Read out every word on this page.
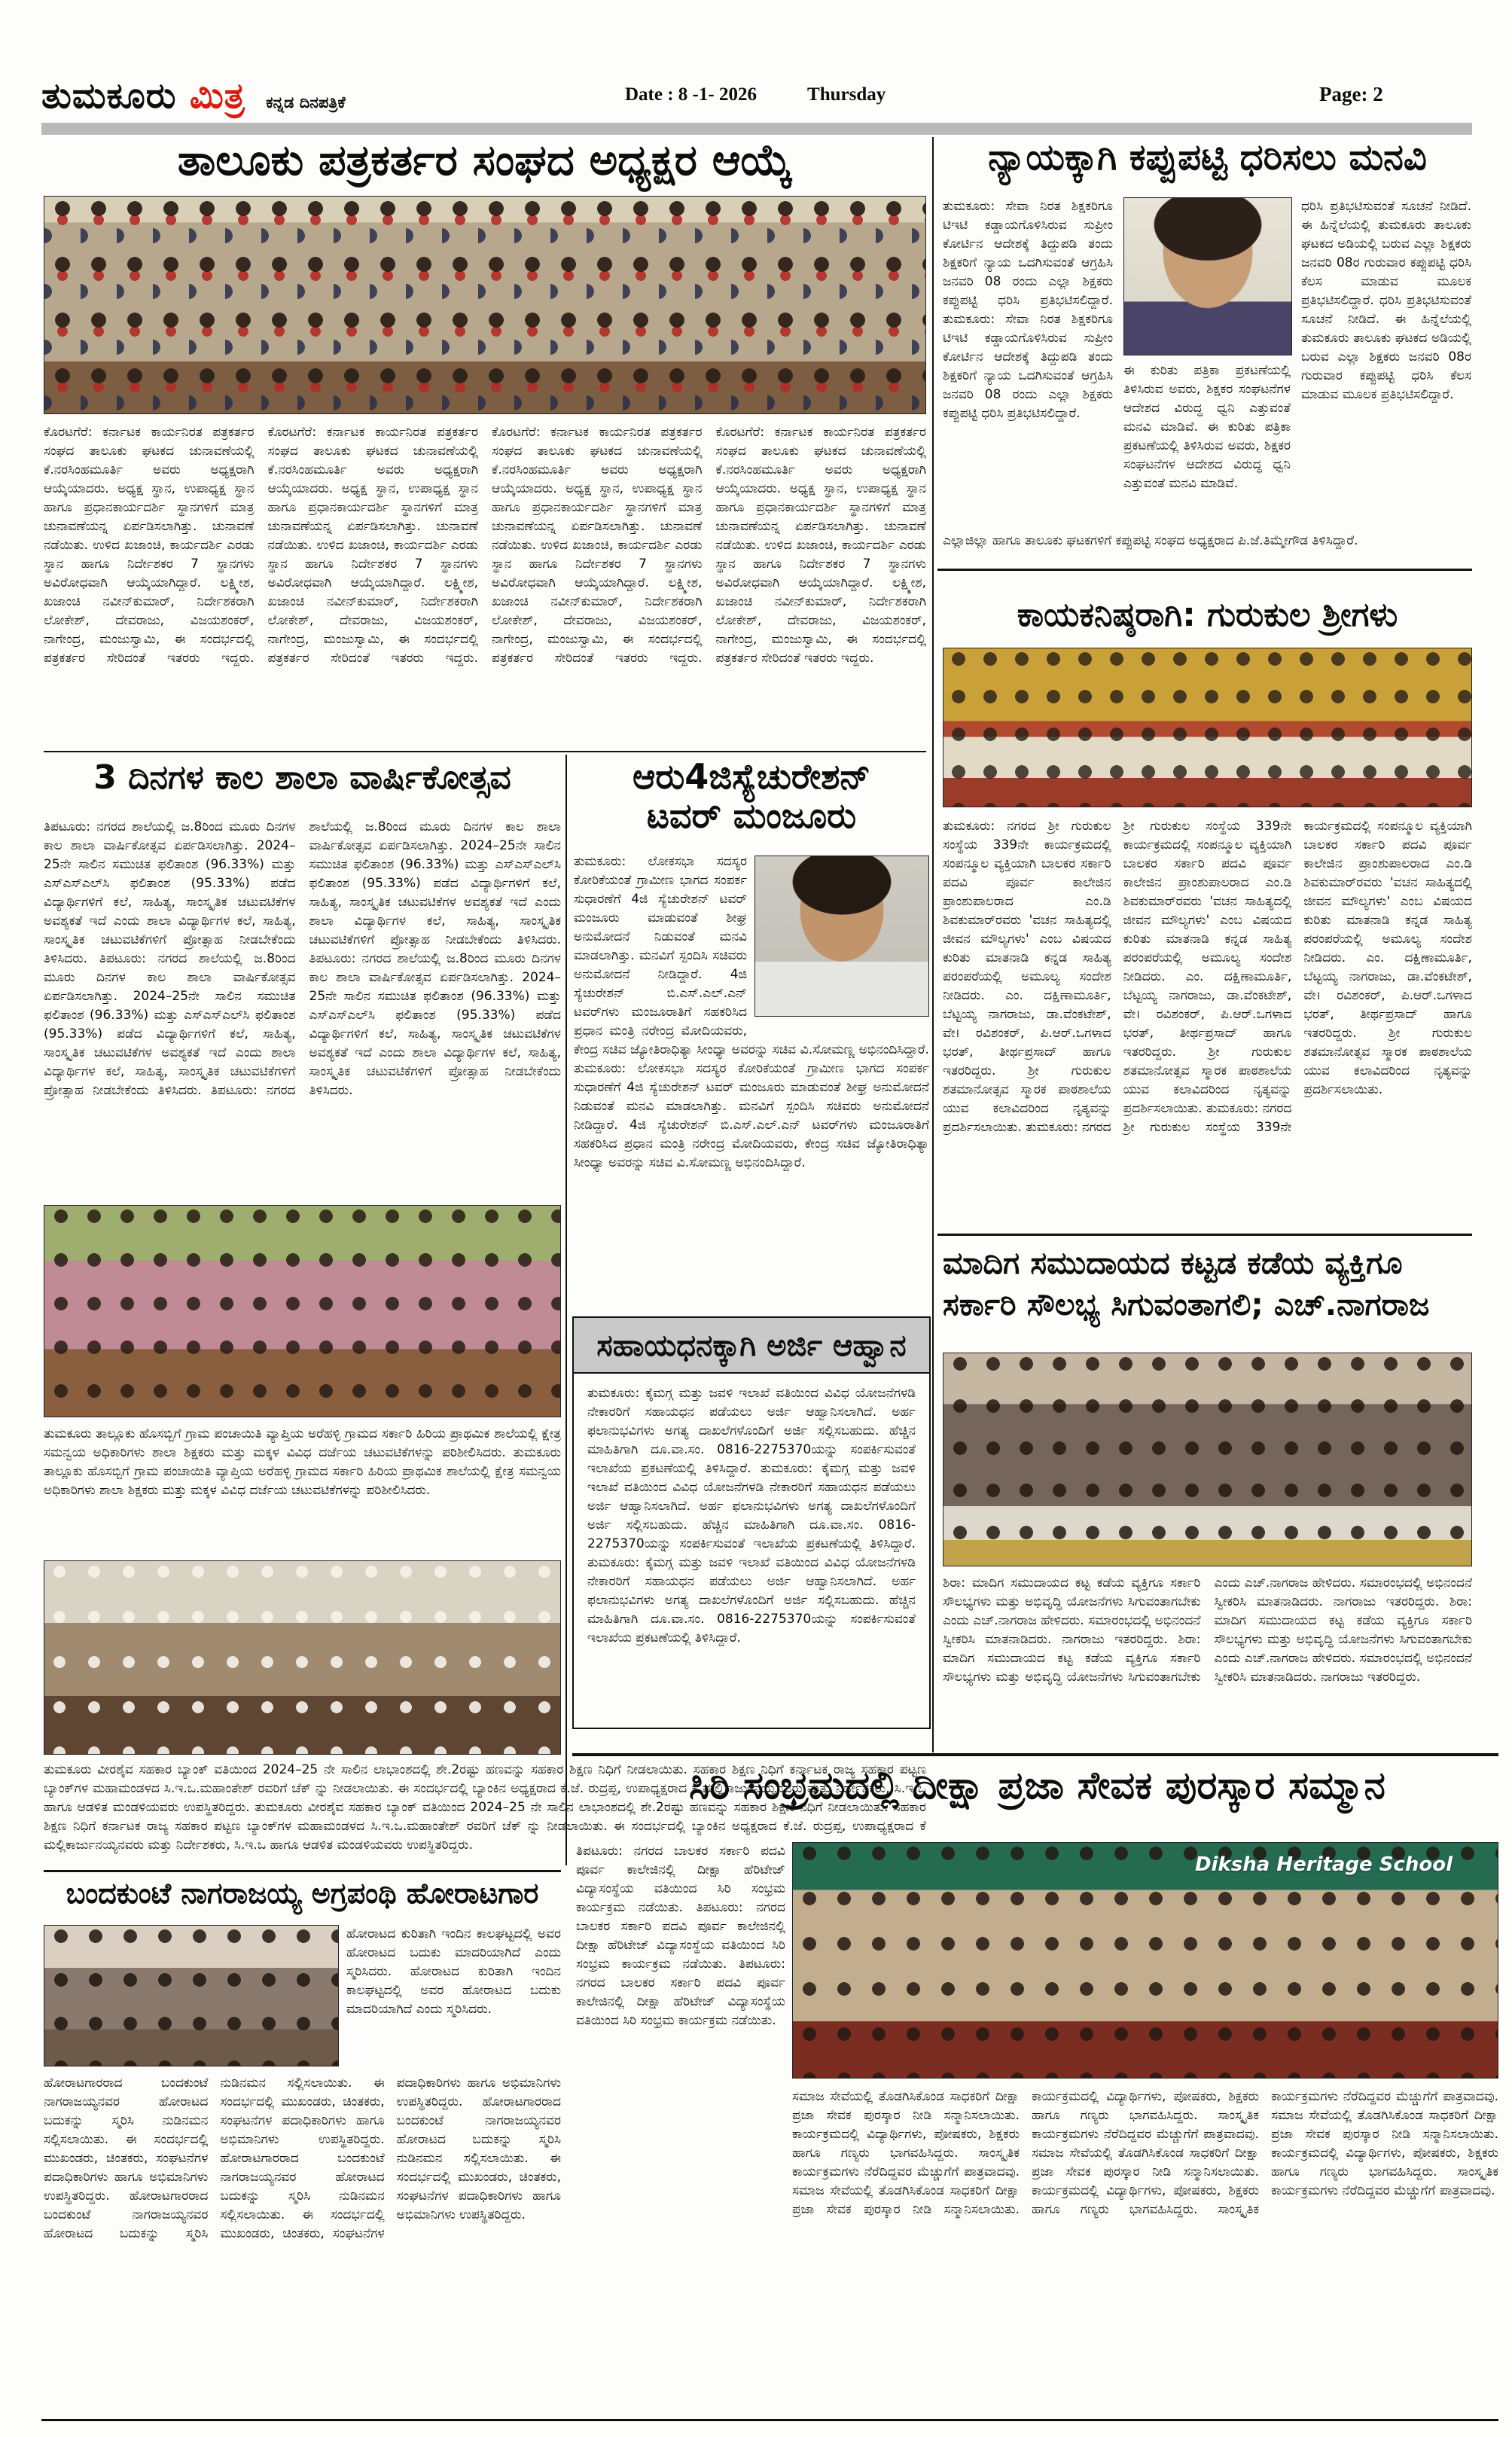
ತುಮಕೂರು ಮಿತ್ರ ಕನ್ನಡ ದಿನಪತ್ರಿಕೆ	Date : 8 -1- 2026	Thursday	Page: 2
ತಾಲೂಕು ಪತ್ರಕರ್ತರ ಸಂಘದ ಅಧ್ಯಕ್ಷರ ಆಯ್ಕೆ
ಕೊರಟಗೆರೆ: ಕರ್ನಾಟಕ ಕಾರ್ಯನಿರತ ಪತ್ರಕರ್ತರ ಸಂಘದ ತಾಲೂಕು ಘಟಕದ ಚುನಾವಣೆಯಲ್ಲಿ ಕೆ.ನರಸಿಂಹಮೂರ್ತಿ ಅವರು ಅಧ್ಯಕ್ಷರಾಗಿ ಆಯ್ಕೆಯಾದರು. ಅಧ್ಯಕ್ಷ ಸ್ಥಾನ, ಉಪಾಧ್ಯಕ್ಷ ಸ್ಥಾನ ಹಾಗೂ ಪ್ರಧಾನಕಾರ್ಯದರ್ಶಿ ಸ್ಥಾನಗಳಿಗೆ ಮಾತ್ರ ಚುನಾವಣೆಯನ್ನ ಏರ್ಪಡಿಸಲಾಗಿತ್ತು. ಚುನಾವಣೆ ನಡೆಯಿತು. ಉಳಿದ ಖಜಾಂಚಿ, ಕಾರ್ಯದರ್ಶಿ ಎರಡು ಸ್ಥಾನ ಹಾಗೂ ನಿರ್ದೇಶಕರ 7 ಸ್ಥಾನಗಳು ಅವಿರೋಧವಾಗಿ ಆಯ್ಕೆಯಾಗಿದ್ದಾರೆ. ಲಕ್ಷ್ಮೀಶ, ಖಜಾಂಚಿ ನವೀನ್‌ಕುಮಾರ್, ನಿರ್ದೇಶಕರಾಗಿ ಲೋಕೇಶ್, ದೇವರಾಜು, ವಿಜಯಶಂಕರ್, ನಾಗೇಂದ್ರ, ಮಂಜುಸ್ವಾಮಿ, ಈ ಸಂದರ್ಭದಲ್ಲಿ ಪತ್ರಕರ್ತರ ಸೇರಿದಂತೆ ಇತರರು ಇದ್ದರು. ಕೊರಟಗೆರೆ: ಕರ್ನಾಟಕ ಕಾರ್ಯನಿರತ ಪತ್ರಕರ್ತರ ಸಂಘದ ತಾಲೂಕು ಘಟಕದ ಚುನಾವಣೆಯಲ್ಲಿ ಕೆ.ನರಸಿಂಹಮೂರ್ತಿ ಅವರು ಅಧ್ಯಕ್ಷರಾಗಿ ಆಯ್ಕೆಯಾದರು. ಅಧ್ಯಕ್ಷ ಸ್ಥಾನ, ಉಪಾಧ್ಯಕ್ಷ ಸ್ಥಾನ ಹಾಗೂ ಪ್ರಧಾನಕಾರ್ಯದರ್ಶಿ ಸ್ಥಾನಗಳಿಗೆ ಮಾತ್ರ ಚುನಾವಣೆಯನ್ನ ಏರ್ಪಡಿಸಲಾಗಿತ್ತು. ಚುನಾವಣೆ ನಡೆಯಿತು. ಉಳಿದ ಖಜಾಂಚಿ, ಕಾರ್ಯದರ್ಶಿ ಎರಡು ಸ್ಥಾನ ಹಾಗೂ ನಿರ್ದೇಶಕರ 7 ಸ್ಥಾನಗಳು ಅವಿರೋಧವಾಗಿ ಆಯ್ಕೆಯಾಗಿದ್ದಾರೆ. ಲಕ್ಷ್ಮೀಶ, ಖಜಾಂಚಿ ನವೀನ್‌ಕುಮಾರ್, ನಿರ್ದೇಶಕರಾಗಿ ಲೋಕೇಶ್, ದೇವರಾಜು, ವಿಜಯಶಂಕರ್, ನಾಗೇಂದ್ರ, ಮಂಜುಸ್ವಾಮಿ, ಈ ಸಂದರ್ಭದಲ್ಲಿ ಪತ್ರಕರ್ತರ ಸೇರಿದಂತೆ ಇತರರು ಇದ್ದರು. ಕೊರಟಗೆರೆ: ಕರ್ನಾಟಕ ಕಾರ್ಯನಿರತ ಪತ್ರಕರ್ತರ ಸಂಘದ ತಾಲೂಕು ಘಟಕದ ಚುನಾವಣೆಯಲ್ಲಿ ಕೆ.ನರಸಿಂಹಮೂರ್ತಿ ಅವರು ಅಧ್ಯಕ್ಷರಾಗಿ ಆಯ್ಕೆಯಾದರು. ಅಧ್ಯಕ್ಷ ಸ್ಥಾನ, ಉಪಾಧ್ಯಕ್ಷ ಸ್ಥಾನ ಹಾಗೂ ಪ್ರಧಾನಕಾರ್ಯದರ್ಶಿ ಸ್ಥಾನಗಳಿಗೆ ಮಾತ್ರ ಚುನಾವಣೆಯನ್ನ ಏರ್ಪಡಿಸಲಾಗಿತ್ತು. ಚುನಾವಣೆ ನಡೆಯಿತು. ಉಳಿದ ಖಜಾಂಚಿ, ಕಾರ್ಯದರ್ಶಿ ಎರಡು ಸ್ಥಾನ ಹಾಗೂ ನಿರ್ದೇಶಕರ 7 ಸ್ಥಾನಗಳು ಅವಿರೋಧವಾಗಿ ಆಯ್ಕೆಯಾಗಿದ್ದಾರೆ. ಲಕ್ಷ್ಮೀಶ, ಖಜಾಂಚಿ ನವೀನ್‌ಕುಮಾರ್, ನಿರ್ದೇಶಕರಾಗಿ ಲೋಕೇಶ್, ದೇವರಾಜು, ವಿಜಯಶಂಕರ್, ನಾಗೇಂದ್ರ, ಮಂಜುಸ್ವಾಮಿ, ಈ ಸಂದರ್ಭದಲ್ಲಿ ಪತ್ರಕರ್ತರ ಸೇರಿದಂತೆ ಇತರರು ಇದ್ದರು. ಕೊರಟಗೆರೆ: ಕರ್ನಾಟಕ ಕಾರ್ಯನಿರತ ಪತ್ರಕರ್ತರ ಸಂಘದ ತಾಲೂಕು ಘಟಕದ ಚುನಾವಣೆಯಲ್ಲಿ ಕೆ.ನರಸಿಂಹಮೂರ್ತಿ ಅವರು ಅಧ್ಯಕ್ಷರಾಗಿ ಆಯ್ಕೆಯಾದರು. ಅಧ್ಯಕ್ಷ ಸ್ಥಾನ, ಉಪಾಧ್ಯಕ್ಷ ಸ್ಥಾನ ಹಾಗೂ ಪ್ರಧಾನಕಾರ್ಯದರ್ಶಿ ಸ್ಥಾನಗಳಿಗೆ ಮಾತ್ರ ಚುನಾವಣೆಯನ್ನ ಏರ್ಪಡಿಸಲಾಗಿತ್ತು. ಚುನಾವಣೆ ನಡೆಯಿತು. ಉಳಿದ ಖಜಾಂಚಿ, ಕಾರ್ಯದರ್ಶಿ ಎರಡು ಸ್ಥಾನ ಹಾಗೂ ನಿರ್ದೇಶಕರ 7 ಸ್ಥಾನಗಳು ಅವಿರೋಧವಾಗಿ ಆಯ್ಕೆಯಾಗಿದ್ದಾರೆ. ಲಕ್ಷ್ಮೀಶ, ಖಜಾಂಚಿ ನವೀನ್‌ಕುಮಾರ್, ನಿರ್ದೇಶಕರಾಗಿ ಲೋಕೇಶ್, ದೇವರಾಜು, ವಿಜಯಶಂಕರ್, ನಾಗೇಂದ್ರ, ಮಂಜುಸ್ವಾಮಿ, ಈ ಸಂದರ್ಭದಲ್ಲಿ ಪತ್ರಕರ್ತರ ಸೇರಿದಂತೆ ಇತರರು ಇದ್ದರು.
ನ್ಯಾಯಕ್ಕಾಗಿ ಕಪ್ಪುಪಟ್ಟಿ ಧರಿಸಲು ಮನವಿ
ತುಮಕೂರು: ಸೇವಾ ನಿರತ ಶಿಕ್ಷಕರಿಗೂ ಟಿಇಟಿ ಕಡ್ಡಾಯಗೊಳಿಸಿರುವ ಸುಪ್ರೀಂ ಕೋರ್ಟಿನ ಆದೇಶಕ್ಕೆ ತಿದ್ದುಪಡಿ ತಂದು ಶಿಕ್ಷಕರಿಗೆ ನ್ಯಾಯ ಒದಗಿಸುವಂತೆ ಆಗ್ರಹಿಸಿ ಜನವರಿ 08 ರಂದು ಎಲ್ಲಾ ಶಿಕ್ಷಕರು ಕಪ್ಪುಪಟ್ಟಿ ಧರಿಸಿ ಪ್ರತಿಭಟಿಸಲಿದ್ದಾರೆ. ತುಮಕೂರು: ಸೇವಾ ನಿರತ ಶಿಕ್ಷಕರಿಗೂ ಟಿಇಟಿ ಕಡ್ಡಾಯಗೊಳಿಸಿರುವ ಸುಪ್ರೀಂ ಕೋರ್ಟಿನ ಆದೇಶಕ್ಕೆ ತಿದ್ದುಪಡಿ ತಂದು ಶಿಕ್ಷಕರಿಗೆ ನ್ಯಾಯ ಒದಗಿಸುವಂತೆ ಆಗ್ರಹಿಸಿ ಜನವರಿ 08 ರಂದು ಎಲ್ಲಾ ಶಿಕ್ಷಕರು ಕಪ್ಪುಪಟ್ಟಿ ಧರಿಸಿ ಪ್ರತಿಭಟಿಸಲಿದ್ದಾರೆ.
ಈ ಕುರಿತು ಪತ್ರಿಕಾ ಪ್ರಕಟಣೆಯಲ್ಲಿ ತಿಳಿಸಿರುವ ಅವರು, ಶಿಕ್ಷಕರ ಸಂಘಟನೆಗಳ ಆದೇಶದ ವಿರುದ್ಧ ಧ್ವನಿ ಎತ್ತುವಂತೆ ಮನವಿ ಮಾಡಿವೆ. ಈ ಕುರಿತು ಪತ್ರಿಕಾ ಪ್ರಕಟಣೆಯಲ್ಲಿ ತಿಳಿಸಿರುವ ಅವರು, ಶಿಕ್ಷಕರ ಸಂಘಟನೆಗಳ ಆದೇಶದ ವಿರುದ್ಧ ಧ್ವನಿ ಎತ್ತುವಂತೆ ಮನವಿ ಮಾಡಿವೆ.
ಧರಿಸಿ ಪ್ರತಿಭಟಿಸುವಂತೆ ಸೂಚನೆ ನೀಡಿದೆ. ಈ ಹಿನ್ನೆಲೆಯಲ್ಲಿ ತುಮಕೂರು ತಾಲೂಕು ಘಟಕದ ಅಡಿಯಲ್ಲಿ ಬರುವ ಎಲ್ಲಾ ಶಿಕ್ಷಕರು ಜನವರಿ 08ರ ಗುರುವಾರ ಕಪ್ಪುಪಟ್ಟಿ ಧರಿಸಿ ಕೆಲಸ ಮಾಡುವ ಮೂಲಕ ಪ್ರತಿಭಟಿಸಲಿದ್ದಾರೆ. ಧರಿಸಿ ಪ್ರತಿಭಟಿಸುವಂತೆ ಸೂಚನೆ ನೀಡಿದೆ. ಈ ಹಿನ್ನೆಲೆಯಲ್ಲಿ ತುಮಕೂರು ತಾಲೂಕು ಘಟಕದ ಅಡಿಯಲ್ಲಿ ಬರುವ ಎಲ್ಲಾ ಶಿಕ್ಷಕರು ಜನವರಿ 08ರ ಗುರುವಾರ ಕಪ್ಪುಪಟ್ಟಿ ಧರಿಸಿ ಕೆಲಸ ಮಾಡುವ ಮೂಲಕ ಪ್ರತಿಭಟಿಸಲಿದ್ದಾರೆ.
ಎಲ್ಲಾಜಿಲ್ಲಾ ಹಾಗೂ ತಾಲೂಕು ಘಟಕಗಳಿಗೆ ಕಪ್ಪುಪಟ್ಟಿ ಸಂಘದ ಅಧ್ಯಕ್ಷರಾದ ಪಿ.ಜೆ.ತಿಮ್ಮೇಗೌಡ ತಿಳಿಸಿದ್ದಾರೆ.
ಕಾಯಕನಿಷ್ಠರಾಗಿ: ಗುರುಕುಲ ಶ್ರೀಗಳು
ತುಮಕೂರು: ನಗರದ ಶ್ರೀ ಗುರುಕುಲ ಸಂಸ್ಥೆಯ 339ನೇ ಕಾರ್ಯಕ್ರಮದಲ್ಲಿ ಸಂಪನ್ಮೂಲ ವ್ಯಕ್ತಿಯಾಗಿ ಬಾಲಕರ ಸರ್ಕಾರಿ ಪದವಿ ಪೂರ್ವ ಕಾಲೇಜಿನ ಪ್ರಾಂಶುಪಾಲರಾದ ಎಂ.ಡಿ ಶಿವಕುಮಾರ್‌ರವರು 'ವಚನ ಸಾಹಿತ್ಯದಲ್ಲಿ ಜೀವನ ಮೌಲ್ಯಗಳು' ಎಂಬ ವಿಷಯದ ಕುರಿತು ಮಾತನಾಡಿ ಕನ್ನಡ ಸಾಹಿತ್ಯ ಪರಂಪರೆಯಲ್ಲಿ ಅಮೂಲ್ಯ ಸಂದೇಶ ನೀಡಿದರು. ಎಂ. ದಕ್ಷಿಣಾಮೂರ್ತಿ, ಬೆಟ್ಟಯ್ಯ ನಾಗರಾಜು, ಡಾ.ವೆಂಕಟೇಶ್, ವೇ। ರವಿಶಂಕರ್, ಪಿ.ಆರ್.ಒಗಳಾದ ಭರತ್, ತೀರ್ಥಪ್ರಸಾದ್ ಹಾಗೂ ಇತರರಿದ್ದರು. ಶ್ರೀ ಗುರುಕುಲ ಶತಮಾನೋತ್ಸವ ಸ್ಮಾರಕ ಪಾಠಶಾಲೆಯ ಯುವ ಕಲಾವಿದರಿಂದ ನೃತ್ಯವನ್ನು ಪ್ರದರ್ಶಿಸಲಾಯಿತು. ತುಮಕೂರು: ನಗರದ ಶ್ರೀ ಗುರುಕುಲ ಸಂಸ್ಥೆಯ 339ನೇ ಕಾರ್ಯಕ್ರಮದಲ್ಲಿ ಸಂಪನ್ಮೂಲ ವ್ಯಕ್ತಿಯಾಗಿ ಬಾಲಕರ ಸರ್ಕಾರಿ ಪದವಿ ಪೂರ್ವ ಕಾಲೇಜಿನ ಪ್ರಾಂಶುಪಾಲರಾದ ಎಂ.ಡಿ ಶಿವಕುಮಾರ್‌ರವರು 'ವಚನ ಸಾಹಿತ್ಯದಲ್ಲಿ ಜೀವನ ಮೌಲ್ಯಗಳು' ಎಂಬ ವಿಷಯದ ಕುರಿತು ಮಾತನಾಡಿ ಕನ್ನಡ ಸಾಹಿತ್ಯ ಪರಂಪರೆಯಲ್ಲಿ ಅಮೂಲ್ಯ ಸಂದೇಶ ನೀಡಿದರು. ಎಂ. ದಕ್ಷಿಣಾಮೂರ್ತಿ, ಬೆಟ್ಟಯ್ಯ ನಾಗರಾಜು, ಡಾ.ವೆಂಕಟೇಶ್, ವೇ। ರವಿಶಂಕರ್, ಪಿ.ಆರ್.ಒಗಳಾದ ಭರತ್, ತೀರ್ಥಪ್ರಸಾದ್ ಹಾಗೂ ಇತರರಿದ್ದರು. ಶ್ರೀ ಗುರುಕುಲ ಶತಮಾನೋತ್ಸವ ಸ್ಮಾರಕ ಪಾಠಶಾಲೆಯ ಯುವ ಕಲಾವಿದರಿಂದ ನೃತ್ಯವನ್ನು ಪ್ರದರ್ಶಿಸಲಾಯಿತು. ತುಮಕೂರು: ನಗರದ ಶ್ರೀ ಗುರುಕುಲ ಸಂಸ್ಥೆಯ 339ನೇ ಕಾರ್ಯಕ್ರಮದಲ್ಲಿ ಸಂಪನ್ಮೂಲ ವ್ಯಕ್ತಿಯಾಗಿ ಬಾಲಕರ ಸರ್ಕಾರಿ ಪದವಿ ಪೂರ್ವ ಕಾಲೇಜಿನ ಪ್ರಾಂಶುಪಾಲರಾದ ಎಂ.ಡಿ ಶಿವಕುಮಾರ್‌ರವರು 'ವಚನ ಸಾಹಿತ್ಯದಲ್ಲಿ ಜೀವನ ಮೌಲ್ಯಗಳು' ಎಂಬ ವಿಷಯದ ಕುರಿತು ಮಾತನಾಡಿ ಕನ್ನಡ ಸಾಹಿತ್ಯ ಪರಂಪರೆಯಲ್ಲಿ ಅಮೂಲ್ಯ ಸಂದೇಶ ನೀಡಿದರು. ಎಂ. ದಕ್ಷಿಣಾಮೂರ್ತಿ, ಬೆಟ್ಟಯ್ಯ ನಾಗರಾಜು, ಡಾ.ವೆಂಕಟೇಶ್, ವೇ। ರವಿಶಂಕರ್, ಪಿ.ಆರ್.ಒಗಳಾದ ಭರತ್, ತೀರ್ಥಪ್ರಸಾದ್ ಹಾಗೂ ಇತರರಿದ್ದರು. ಶ್ರೀ ಗುರುಕುಲ ಶತಮಾನೋತ್ಸವ ಸ್ಮಾರಕ ಪಾಠಶಾಲೆಯ ಯುವ ಕಲಾವಿದರಿಂದ ನೃತ್ಯವನ್ನು ಪ್ರದರ್ಶಿಸಲಾಯಿತು.
ಮಾದಿಗ ಸಮುದಾಯದ ಕಟ್ಟಡ ಕಡೆಯ ವ್ಯಕ್ತಿಗೂ ಸರ್ಕಾರಿ ಸೌಲಭ್ಯ ಸಿಗುವಂತಾಗಲಿ; ಎಚ್.ನಾಗರಾಜ
ಶಿರಾ: ಮಾದಿಗ ಸಮುದಾಯದ ಕಟ್ಟ ಕಡೆಯ ವ್ಯಕ್ತಿಗೂ ಸರ್ಕಾರಿ ಸೌಲಭ್ಯಗಳು ಮತ್ತು ಅಭಿವೃದ್ಧಿ ಯೋಜನೆಗಳು ಸಿಗುವಂತಾಗಬೇಕು ಎಂದು ಎಚ್.ನಾಗರಾಜ ಹೇಳಿದರು. ಸಮಾರಂಭದಲ್ಲಿ ಅಭಿನಂದನೆ ಸ್ವೀಕರಿಸಿ ಮಾತನಾಡಿದರು. ನಾಗರಾಜು ಇತರರಿದ್ದರು. ಶಿರಾ: ಮಾದಿಗ ಸಮುದಾಯದ ಕಟ್ಟ ಕಡೆಯ ವ್ಯಕ್ತಿಗೂ ಸರ್ಕಾರಿ ಸೌಲಭ್ಯಗಳು ಮತ್ತು ಅಭಿವೃದ್ಧಿ ಯೋಜನೆಗಳು ಸಿಗುವಂತಾಗಬೇಕು ಎಂದು ಎಚ್.ನಾಗರಾಜ ಹೇಳಿದರು. ಸಮಾರಂಭದಲ್ಲಿ ಅಭಿನಂದನೆ ಸ್ವೀಕರಿಸಿ ಮಾತನಾಡಿದರು. ನಾಗರಾಜು ಇತರರಿದ್ದರು. ಶಿರಾ: ಮಾದಿಗ ಸಮುದಾಯದ ಕಟ್ಟ ಕಡೆಯ ವ್ಯಕ್ತಿಗೂ ಸರ್ಕಾರಿ ಸೌಲಭ್ಯಗಳು ಮತ್ತು ಅಭಿವೃದ್ಧಿ ಯೋಜನೆಗಳು ಸಿಗುವಂತಾಗಬೇಕು ಎಂದು ಎಚ್.ನಾಗರಾಜ ಹೇಳಿದರು. ಸಮಾರಂಭದಲ್ಲಿ ಅಭಿನಂದನೆ ಸ್ವೀಕರಿಸಿ ಮಾತನಾಡಿದರು. ನಾಗರಾಜು ಇತರರಿದ್ದರು.
3 ದಿನಗಳ ಕಾಲ ಶಾಲಾ ವಾರ್ಷಿಕೋತ್ಸವ
ತಿಪಟೂರು: ನಗರದ ಶಾಲೆಯಲ್ಲಿ ಜ.8ರಿಂದ ಮೂರು ದಿನಗಳ ಕಾಲ ಶಾಲಾ ವಾರ್ಷಿಕೋತ್ಸವ ಏರ್ಪಡಿಸಲಾಗಿತ್ತು. 2024–25ನೇ ಸಾಲಿನ ಸಮುಚಿತ ಫಲಿತಾಂಶ (96.33%) ಮತ್ತು ಎಸ್‌ಎಸ್‌ಎಲ್‌ಸಿ ಫಲಿತಾಂಶ (95.33%) ಪಡೆದ ವಿದ್ಯಾರ್ಥಿಗಳಿಗೆ ಕಲೆ, ಸಾಹಿತ್ಯ, ಸಾಂಸ್ಕೃತಿಕ ಚಟುವಟಿಕೆಗಳ ಅವಶ್ಯಕತೆ ಇದೆ ಎಂದು ಶಾಲಾ ವಿದ್ಯಾರ್ಥಿಗಳ ಕಲೆ, ಸಾಹಿತ್ಯ, ಸಾಂಸ್ಕೃತಿಕ ಚಟುವಟಿಕೆಗಳಿಗೆ ಪ್ರೋತ್ಸಾಹ ನೀಡಬೇಕೆಂದು ತಿಳಿಸಿದರು. ತಿಪಟೂರು: ನಗರದ ಶಾಲೆಯಲ್ಲಿ ಜ.8ರಿಂದ ಮೂರು ದಿನಗಳ ಕಾಲ ಶಾಲಾ ವಾರ್ಷಿಕೋತ್ಸವ ಏರ್ಪಡಿಸಲಾಗಿತ್ತು. 2024–25ನೇ ಸಾಲಿನ ಸಮುಚಿತ ಫಲಿತಾಂಶ (96.33%) ಮತ್ತು ಎಸ್‌ಎಸ್‌ಎಲ್‌ಸಿ ಫಲಿತಾಂಶ (95.33%) ಪಡೆದ ವಿದ್ಯಾರ್ಥಿಗಳಿಗೆ ಕಲೆ, ಸಾಹಿತ್ಯ, ಸಾಂಸ್ಕೃತಿಕ ಚಟುವಟಿಕೆಗಳ ಅವಶ್ಯಕತೆ ಇದೆ ಎಂದು ಶಾಲಾ ವಿದ್ಯಾರ್ಥಿಗಳ ಕಲೆ, ಸಾಹಿತ್ಯ, ಸಾಂಸ್ಕೃತಿಕ ಚಟುವಟಿಕೆಗಳಿಗೆ ಪ್ರೋತ್ಸಾಹ ನೀಡಬೇಕೆಂದು ತಿಳಿಸಿದರು. ತಿಪಟೂರು: ನಗರದ ಶಾಲೆಯಲ್ಲಿ ಜ.8ರಿಂದ ಮೂರು ದಿನಗಳ ಕಾಲ ಶಾಲಾ ವಾರ್ಷಿಕೋತ್ಸವ ಏರ್ಪಡಿಸಲಾಗಿತ್ತು. 2024–25ನೇ ಸಾಲಿನ ಸಮುಚಿತ ಫಲಿತಾಂಶ (96.33%) ಮತ್ತು ಎಸ್‌ಎಸ್‌ಎಲ್‌ಸಿ ಫಲಿತಾಂಶ (95.33%) ಪಡೆದ ವಿದ್ಯಾರ್ಥಿಗಳಿಗೆ ಕಲೆ, ಸಾಹಿತ್ಯ, ಸಾಂಸ್ಕೃತಿಕ ಚಟುವಟಿಕೆಗಳ ಅವಶ್ಯಕತೆ ಇದೆ ಎಂದು ಶಾಲಾ ವಿದ್ಯಾರ್ಥಿಗಳ ಕಲೆ, ಸಾಹಿತ್ಯ, ಸಾಂಸ್ಕೃತಿಕ ಚಟುವಟಿಕೆಗಳಿಗೆ ಪ್ರೋತ್ಸಾಹ ನೀಡಬೇಕೆಂದು ತಿಳಿಸಿದರು. ತಿಪಟೂರು: ನಗರದ ಶಾಲೆಯಲ್ಲಿ ಜ.8ರಿಂದ ಮೂರು ದಿನಗಳ ಕಾಲ ಶಾಲಾ ವಾರ್ಷಿಕೋತ್ಸವ ಏರ್ಪಡಿಸಲಾಗಿತ್ತು. 2024–25ನೇ ಸಾಲಿನ ಸಮುಚಿತ ಫಲಿತಾಂಶ (96.33%) ಮತ್ತು ಎಸ್‌ಎಸ್‌ಎಲ್‌ಸಿ ಫಲಿತಾಂಶ (95.33%) ಪಡೆದ ವಿದ್ಯಾರ್ಥಿಗಳಿಗೆ ಕಲೆ, ಸಾಹಿತ್ಯ, ಸಾಂಸ್ಕೃತಿಕ ಚಟುವಟಿಕೆಗಳ ಅವಶ್ಯಕತೆ ಇದೆ ಎಂದು ಶಾಲಾ ವಿದ್ಯಾರ್ಥಿಗಳ ಕಲೆ, ಸಾಹಿತ್ಯ, ಸಾಂಸ್ಕೃತಿಕ ಚಟುವಟಿಕೆಗಳಿಗೆ ಪ್ರೋತ್ಸಾಹ ನೀಡಬೇಕೆಂದು ತಿಳಿಸಿದರು.
ತುಮಕೂರು ತಾಲ್ಲೂಕು ಹೊಸಬ್ಬಿಗೆ ಗ್ರಾಮ ಪಂಚಾಯಿತಿ ವ್ಯಾಪ್ತಿಯ ಅರೆಹಳ್ಳಿ ಗ್ರಾಮದ ಸರ್ಕಾರಿ ಹಿರಿಯ ಪ್ರಾಥಮಿಕ ಶಾಲೆಯಲ್ಲಿ ಕ್ಷೇತ್ರ ಸಮನ್ವಯ ಅಧಿಕಾರಿಗಳು ಶಾಲಾ ಶಿಕ್ಷಕರು ಮತ್ತು ಮಕ್ಕಳ ವಿವಿಧ ದರ್ಜೆಯ ಚಟುವಟಿಕೆಗಳನ್ನು ಪರಿಶೀಲಿಸಿದರು. ತುಮಕೂರು ತಾಲ್ಲೂಕು ಹೊಸಬ್ಬಿಗೆ ಗ್ರಾಮ ಪಂಚಾಯಿತಿ ವ್ಯಾಪ್ತಿಯ ಅರೆಹಳ್ಳಿ ಗ್ರಾಮದ ಸರ್ಕಾರಿ ಹಿರಿಯ ಪ್ರಾಥಮಿಕ ಶಾಲೆಯಲ್ಲಿ ಕ್ಷೇತ್ರ ಸಮನ್ವಯ ಅಧಿಕಾರಿಗಳು ಶಾಲಾ ಶಿಕ್ಷಕರು ಮತ್ತು ಮಕ್ಕಳ ವಿವಿಧ ದರ್ಜೆಯ ಚಟುವಟಿಕೆಗಳನ್ನು ಪರಿಶೀಲಿಸಿದರು.
ತುಮಕೂರು ವೀರಶೈವ ಸಹಕಾರ ಬ್ಯಾಂಕ್ ವತಿಯಿಂದ 2024–25 ನೇ ಸಾಲಿನ ಲಾಭಾಂಶದಲ್ಲಿ ಶೇ.2ರಷ್ಟು ಹಣವನ್ನು ಸಹಕಾರ ಶಿಕ್ಷಣ ನಿಧಿಗೆ ನೀಡಲಾಯಿತು. ಸಹಕಾರ ಶಿಕ್ಷಣ ನಿಧಿಗೆ ಕರ್ನಾಟಕ ರಾಜ್ಯ ಸಹಕಾರ ಪಟ್ಟಣ ಬ್ಯಾಂಕ್‌ಗಳ ಮಹಾಮಂಡಳದ ಸಿ.ಇ.ಒ.ಮಹಾಂತೇಶ್ ರವರಿಗೆ ಚೆಕ್ ನ್ನು ನೀಡಲಾಯಿತು. ಈ ಸಂದರ್ಭದಲ್ಲಿ ಬ್ಯಾಂಕಿನ ಅಧ್ಯಕ್ಷರಾದ ಕೆ.ಜೆ. ರುದ್ರಪ್ಪ, ಉಪಾಧ್ಯಕ್ಷರಾದ ಕೆ ಮಲ್ಲಿಕಾರ್ಜುನಯ್ಯನವರು ಮತ್ತು ನಿರ್ದೇಶಕರು, ಸಿ.ಇ.ಒ ಹಾಗೂ ಆಡಳಿತ ಮಂಡಳಿಯವರು ಉಪಸ್ಥಿತರಿದ್ದರು. ತುಮಕೂರು ವೀರಶೈವ ಸಹಕಾರ ಬ್ಯಾಂಕ್ ವತಿಯಿಂದ 2024–25 ನೇ ಸಾಲಿನ ಲಾಭಾಂಶದಲ್ಲಿ ಶೇ.2ರಷ್ಟು ಹಣವನ್ನು ಸಹಕಾರ ಶಿಕ್ಷಣ ನಿಧಿಗೆ ನೀಡಲಾಯಿತು. ಸಹಕಾರ ಶಿಕ್ಷಣ ನಿಧಿಗೆ ಕರ್ನಾಟಕ ರಾಜ್ಯ ಸಹಕಾರ ಪಟ್ಟಣ ಬ್ಯಾಂಕ್‌ಗಳ ಮಹಾಮಂಡಳದ ಸಿ.ಇ.ಒ.ಮಹಾಂತೇಶ್ ರವರಿಗೆ ಚೆಕ್ ನ್ನು ನೀಡಲಾಯಿತು. ಈ ಸಂದರ್ಭದಲ್ಲಿ ಬ್ಯಾಂಕಿನ ಅಧ್ಯಕ್ಷರಾದ ಕೆ.ಜೆ. ರುದ್ರಪ್ಪ, ಉಪಾಧ್ಯಕ್ಷರಾದ ಕೆ ಮಲ್ಲಿಕಾರ್ಜುನಯ್ಯನವರು ಮತ್ತು ನಿರ್ದೇಶಕರು, ಸಿ.ಇ.ಒ ಹಾಗೂ ಆಡಳಿತ ಮಂಡಳಿಯವರು ಉಪಸ್ಥಿತರಿದ್ದರು.
ಬಂದಕುಂಟೆ ನಾಗರಾಜಯ್ಯ ಅಗ್ರಪಂಥಿ ಹೋರಾಟಗಾರ
ಹೋರಾಟದ ಕುರಿತಾಗಿ ಇಂದಿನ ಕಾಲಘಟ್ಟದಲ್ಲಿ ಅವರ ಹೋರಾಟದ ಬದುಕು ಮಾದರಿಯಾಗಿದೆ ಎಂದು ಸ್ಮರಿಸಿದರು. ಹೋರಾಟದ ಕುರಿತಾಗಿ ಇಂದಿನ ಕಾಲಘಟ್ಟದಲ್ಲಿ ಅವರ ಹೋರಾಟದ ಬದುಕು ಮಾದರಿಯಾಗಿದೆ ಎಂದು ಸ್ಮರಿಸಿದರು.
ಹೋರಾಟಗಾರರಾದ ಬಂದಕುಂಟೆ ನಾಗರಾಜಯ್ಯನವರ ಹೋರಾಟದ ಬದುಕನ್ನು ಸ್ಮರಿಸಿ ನುಡಿನಮನ ಸಲ್ಲಿಸಲಾಯಿತು. ಈ ಸಂದರ್ಭದಲ್ಲಿ ಮುಖಂಡರು, ಚಿಂತಕರು, ಸಂಘಟನೆಗಳ ಪದಾಧಿಕಾರಿಗಳು ಹಾಗೂ ಅಭಿಮಾನಿಗಳು ಉಪಸ್ಥಿತರಿದ್ದರು. ಹೋರಾಟಗಾರರಾದ ಬಂದಕುಂಟೆ ನಾಗರಾಜಯ್ಯನವರ ಹೋರಾಟದ ಬದುಕನ್ನು ಸ್ಮರಿಸಿ ನುಡಿನಮನ ಸಲ್ಲಿಸಲಾಯಿತು. ಈ ಸಂದರ್ಭದಲ್ಲಿ ಮುಖಂಡರು, ಚಿಂತಕರು, ಸಂಘಟನೆಗಳ ಪದಾಧಿಕಾರಿಗಳು ಹಾಗೂ ಅಭಿಮಾನಿಗಳು ಉಪಸ್ಥಿತರಿದ್ದರು. ಹೋರಾಟಗಾರರಾದ ಬಂದಕುಂಟೆ ನಾಗರಾಜಯ್ಯನವರ ಹೋರಾಟದ ಬದುಕನ್ನು ಸ್ಮರಿಸಿ ನುಡಿನಮನ ಸಲ್ಲಿಸಲಾಯಿತು. ಈ ಸಂದರ್ಭದಲ್ಲಿ ಮುಖಂಡರು, ಚಿಂತಕರು, ಸಂಘಟನೆಗಳ ಪದಾಧಿಕಾರಿಗಳು ಹಾಗೂ ಅಭಿಮಾನಿಗಳು ಉಪಸ್ಥಿತರಿದ್ದರು. ಹೋರಾಟಗಾರರಾದ ಬಂದಕುಂಟೆ ನಾಗರಾಜಯ್ಯನವರ ಹೋರಾಟದ ಬದುಕನ್ನು ಸ್ಮರಿಸಿ ನುಡಿನಮನ ಸಲ್ಲಿಸಲಾಯಿತು. ಈ ಸಂದರ್ಭದಲ್ಲಿ ಮುಖಂಡರು, ಚಿಂತಕರು, ಸಂಘಟನೆಗಳ ಪದಾಧಿಕಾರಿಗಳು ಹಾಗೂ ಅಭಿಮಾನಿಗಳು ಉಪಸ್ಥಿತರಿದ್ದರು.
ಆರು4ಜಿಸ್ಯೆಚುರೇಶನ್
ಟವರ್ ಮಂಜೂರು
ತುಮಕೂರು: ಲೋಕಸಭಾ ಸದಸ್ಯರ ಕೋರಿಕೆಯಂತೆ ಗ್ರಾಮೀಣ ಭಾಗದ ಸಂಪರ್ಕ ಸುಧಾರಣೆಗೆ 4ಜಿ ಸ್ಯೆಚುರೇಶನ್ ಟವರ್ ಮಂಜೂರು ಮಾಡುವಂತೆ ಶೀಘ್ರ ಅನುಮೋದನೆ ನಿಡುವಂತೆ ಮನವಿ ಮಾಡಲಾಗಿತ್ತು. ಮನವಿಗೆ ಸ್ಪಂದಿಸಿ ಸಚಿವರು ಅನುಮೋದನೆ ನೀಡಿದ್ದಾರೆ. 4ಜಿ ಸ್ಯೆಚುರೇಶನ್ ಬಿ.ಎಸ್.ಎಲ್.ಎನ್ ಟವರ್‌ಗಳು ಮಂಜೂರಾತಿಗೆ ಸಹಕರಿಸಿದ ಪ್ರಧಾನ ಮಂತ್ರಿ ನರೇಂದ್ರ ಮೋದಿಯವರು, ಕೇಂದ್ರ ಸಚಿವ ಜ್ಯೋತಿರಾಧಿತ್ಯಾ ಸೀಂಧ್ಯಾ ಅವರನ್ನು ಸಚಿವ ವಿ.ಸೋಮಣ್ಣ ಅಭಿನಂದಿಸಿದ್ದಾರೆ. ತುಮಕೂರು: ಲೋಕಸಭಾ ಸದಸ್ಯರ ಕೋರಿಕೆಯಂತೆ ಗ್ರಾಮೀಣ ಭಾಗದ ಸಂಪರ್ಕ ಸುಧಾರಣೆಗೆ 4ಜಿ ಸ್ಯೆಚುರೇಶನ್ ಟವರ್ ಮಂಜೂರು ಮಾಡುವಂತೆ ಶೀಘ್ರ ಅನುಮೋದನೆ ನಿಡುವಂತೆ ಮನವಿ ಮಾಡಲಾಗಿತ್ತು. ಮನವಿಗೆ ಸ್ಪಂದಿಸಿ ಸಚಿವರು ಅನುಮೋದನೆ ನೀಡಿದ್ದಾರೆ. 4ಜಿ ಸ್ಯೆಚುರೇಶನ್ ಬಿ.ಎಸ್.ಎಲ್.ಎನ್ ಟವರ್‌ಗಳು ಮಂಜೂರಾತಿಗೆ ಸಹಕರಿಸಿದ ಪ್ರಧಾನ ಮಂತ್ರಿ ನರೇಂದ್ರ ಮೋದಿಯವರು, ಕೇಂದ್ರ ಸಚಿವ ಜ್ಯೋತಿರಾಧಿತ್ಯಾ ಸೀಂಧ್ಯಾ ಅವರನ್ನು ಸಚಿವ ವಿ.ಸೋಮಣ್ಣ ಅಭಿನಂದಿಸಿದ್ದಾರೆ.
ಸಹಾಯಧನಕ್ಕಾಗಿ ಅರ್ಜಿ ಆಹ್ವಾನ
ತುಮಕೂರು: ಕೈಮಗ್ಗ ಮತ್ತು ಜವಳಿ ಇಲಾಖೆ ವತಿಯಿಂದ ವಿವಿಧ ಯೋಜನೆಗಳಡಿ ನೇಕಾರರಿಗೆ ಸಹಾಯಧನ ಪಡೆಯಲು ಅರ್ಜಿ ಆಹ್ವಾನಿಸಲಾಗಿದೆ. ಅರ್ಹ ಫಲಾನುಭವಿಗಳು ಅಗತ್ಯ ದಾಖಲೆಗಳೊಂದಿಗೆ ಅರ್ಜಿ ಸಲ್ಲಿಸಬಹುದು. ಹೆಚ್ಚಿನ ಮಾಹಿತಿಗಾಗಿ ದೂ.ವಾ.ಸಂ. 0816-2275370ಯನ್ನು ಸಂಪರ್ಕಿಸುವಂತೆ ಇಲಾಖೆಯ ಪ್ರಕಟಣೆಯಲ್ಲಿ ತಿಳಿಸಿದ್ದಾರೆ. ತುಮಕೂರು: ಕೈಮಗ್ಗ ಮತ್ತು ಜವಳಿ ಇಲಾಖೆ ವತಿಯಿಂದ ವಿವಿಧ ಯೋಜನೆಗಳಡಿ ನೇಕಾರರಿಗೆ ಸಹಾಯಧನ ಪಡೆಯಲು ಅರ್ಜಿ ಆಹ್ವಾನಿಸಲಾಗಿದೆ. ಅರ್ಹ ಫಲಾನುಭವಿಗಳು ಅಗತ್ಯ ದಾಖಲೆಗಳೊಂದಿಗೆ ಅರ್ಜಿ ಸಲ್ಲಿಸಬಹುದು. ಹೆಚ್ಚಿನ ಮಾಹಿತಿಗಾಗಿ ದೂ.ವಾ.ಸಂ. 0816-2275370ಯನ್ನು ಸಂಪರ್ಕಿಸುವಂತೆ ಇಲಾಖೆಯ ಪ್ರಕಟಣೆಯಲ್ಲಿ ತಿಳಿಸಿದ್ದಾರೆ. ತುಮಕೂರು: ಕೈಮಗ್ಗ ಮತ್ತು ಜವಳಿ ಇಲಾಖೆ ವತಿಯಿಂದ ವಿವಿಧ ಯೋಜನೆಗಳಡಿ ನೇಕಾರರಿಗೆ ಸಹಾಯಧನ ಪಡೆಯಲು ಅರ್ಜಿ ಆಹ್ವಾನಿಸಲಾಗಿದೆ. ಅರ್ಹ ಫಲಾನುಭವಿಗಳು ಅಗತ್ಯ ದಾಖಲೆಗಳೊಂದಿಗೆ ಅರ್ಜಿ ಸಲ್ಲಿಸಬಹುದು. ಹೆಚ್ಚಿನ ಮಾಹಿತಿಗಾಗಿ ದೂ.ವಾ.ಸಂ. 0816-2275370ಯನ್ನು ಸಂಪರ್ಕಿಸುವಂತೆ ಇಲಾಖೆಯ ಪ್ರಕಟಣೆಯಲ್ಲಿ ತಿಳಿಸಿದ್ದಾರೆ.
ಸಿರಿ ಸಂಭ್ರಮದಲ್ಲಿ ದೀಕ್ಷಾ ಪ್ರಜಾ ಸೇವಕ ಪುರಸ್ಕಾರ ಸಮ್ಮಾನ
ತಿಪಟೂರು: ನಗರದ ಬಾಲಕರ ಸರ್ಕಾರಿ ಪದವಿ ಪೂರ್ವ ಕಾಲೇಜಿನಲ್ಲಿ ದೀಕ್ಷಾ ಹೆರಿಟೇಜ್ ವಿದ್ಯಾಸಂಸ್ಥೆಯ ವತಿಯಿಂದ ಸಿರಿ ಸಂಭ್ರಮ ಕಾರ್ಯಕ್ರಮ ನಡೆಯಿತು. ತಿಪಟೂರು: ನಗರದ ಬಾಲಕರ ಸರ್ಕಾರಿ ಪದವಿ ಪೂರ್ವ ಕಾಲೇಜಿನಲ್ಲಿ ದೀಕ್ಷಾ ಹೆರಿಟೇಜ್ ವಿದ್ಯಾಸಂಸ್ಥೆಯ ವತಿಯಿಂದ ಸಿರಿ ಸಂಭ್ರಮ ಕಾರ್ಯಕ್ರಮ ನಡೆಯಿತು. ತಿಪಟೂರು: ನಗರದ ಬಾಲಕರ ಸರ್ಕಾರಿ ಪದವಿ ಪೂರ್ವ ಕಾಲೇಜಿನಲ್ಲಿ ದೀಕ್ಷಾ ಹೆರಿಟೇಜ್ ವಿದ್ಯಾಸಂಸ್ಥೆಯ ವತಿಯಿಂದ ಸಿರಿ ಸಂಭ್ರಮ ಕಾರ್ಯಕ್ರಮ ನಡೆಯಿತು.
Diksha Heritage School
ಸಮಾಜ ಸೇವೆಯಲ್ಲಿ ತೊಡಗಿಸಿಕೊಂಡ ಸಾಧಕರಿಗೆ ದೀಕ್ಷಾ ಪ್ರಜಾ ಸೇವಕ ಪುರಸ್ಕಾರ ನೀಡಿ ಸನ್ಮಾನಿಸಲಾಯಿತು. ಕಾರ್ಯಕ್ರಮದಲ್ಲಿ ವಿದ್ಯಾರ್ಥಿಗಳು, ಪೋಷಕರು, ಶಿಕ್ಷಕರು ಹಾಗೂ ಗಣ್ಯರು ಭಾಗವಹಿಸಿದ್ದರು. ಸಾಂಸ್ಕೃತಿಕ ಕಾರ್ಯಕ್ರಮಗಳು ನೆರೆದಿದ್ದವರ ಮೆಚ್ಚುಗೆಗೆ ಪಾತ್ರವಾದವು. ಸಮಾಜ ಸೇವೆಯಲ್ಲಿ ತೊಡಗಿಸಿಕೊಂಡ ಸಾಧಕರಿಗೆ ದೀಕ್ಷಾ ಪ್ರಜಾ ಸೇವಕ ಪುರಸ್ಕಾರ ನೀಡಿ ಸನ್ಮಾನಿಸಲಾಯಿತು. ಕಾರ್ಯಕ್ರಮದಲ್ಲಿ ವಿದ್ಯಾರ್ಥಿಗಳು, ಪೋಷಕರು, ಶಿಕ್ಷಕರು ಹಾಗೂ ಗಣ್ಯರು ಭಾಗವಹಿಸಿದ್ದರು. ಸಾಂಸ್ಕೃತಿಕ ಕಾರ್ಯಕ್ರಮಗಳು ನೆರೆದಿದ್ದವರ ಮೆಚ್ಚುಗೆಗೆ ಪಾತ್ರವಾದವು. ಸಮಾಜ ಸೇವೆಯಲ್ಲಿ ತೊಡಗಿಸಿಕೊಂಡ ಸಾಧಕರಿಗೆ ದೀಕ್ಷಾ ಪ್ರಜಾ ಸೇವಕ ಪುರಸ್ಕಾರ ನೀಡಿ ಸನ್ಮಾನಿಸಲಾಯಿತು. ಕಾರ್ಯಕ್ರಮದಲ್ಲಿ ವಿದ್ಯಾರ್ಥಿಗಳು, ಪೋಷಕರು, ಶಿಕ್ಷಕರು ಹಾಗೂ ಗಣ್ಯರು ಭಾಗವಹಿಸಿದ್ದರು. ಸಾಂಸ್ಕೃತಿಕ ಕಾರ್ಯಕ್ರಮಗಳು ನೆರೆದಿದ್ದವರ ಮೆಚ್ಚುಗೆಗೆ ಪಾತ್ರವಾದವು. ಸಮಾಜ ಸೇವೆಯಲ್ಲಿ ತೊಡಗಿಸಿಕೊಂಡ ಸಾಧಕರಿಗೆ ದೀಕ್ಷಾ ಪ್ರಜಾ ಸೇವಕ ಪುರಸ್ಕಾರ ನೀಡಿ ಸನ್ಮಾನಿಸಲಾಯಿತು. ಕಾರ್ಯಕ್ರಮದಲ್ಲಿ ವಿದ್ಯಾರ್ಥಿಗಳು, ಪೋಷಕರು, ಶಿಕ್ಷಕರು ಹಾಗೂ ಗಣ್ಯರು ಭಾಗವಹಿಸಿದ್ದರು. ಸಾಂಸ್ಕೃತಿಕ ಕಾರ್ಯಕ್ರಮಗಳು ನೆರೆದಿದ್ದವರ ಮೆಚ್ಚುಗೆಗೆ ಪಾತ್ರವಾದವು.
